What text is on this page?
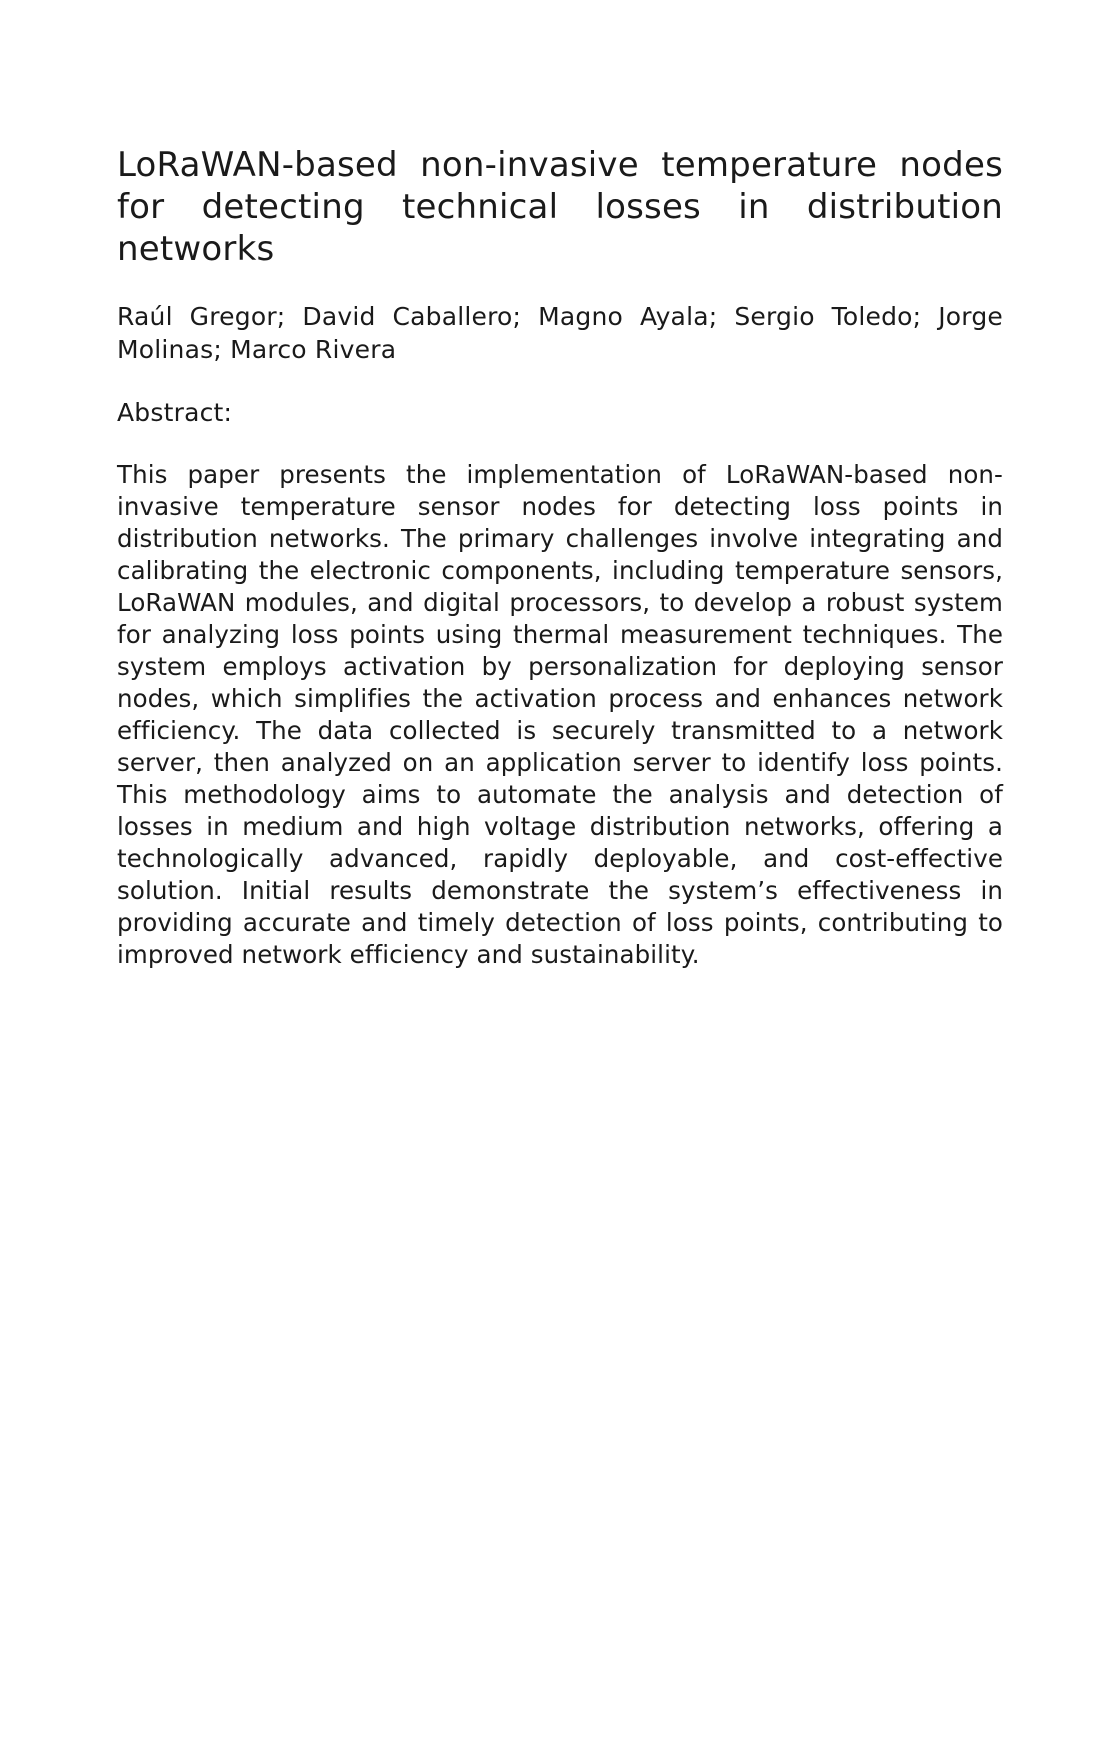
LoRaWAN-based non-invasive temperature nodes for detecting technical losses in distribution networks

Raúl Gregor; David Caballero; Magno Ayala; Sergio Toledo; Jorge Molinas; Marco Rivera

Abstract:

This paper presents the implementation of LoRaWAN-based non-invasive temperature sensor nodes for detecting loss points in distribution networks. The primary challenges involve integrating and calibrating the electronic components, including temperature sensors, LoRaWAN modules, and digital processors, to develop a robust system for analyzing loss points using thermal measurement techniques. The system employs activation by personalization for deploying sensor nodes, which simplifies the activation process and enhances network efficiency. The data collected is securely transmitted to a network server, then analyzed on an application server to identify loss points. This methodology aims to automate the analysis and detection of losses in medium and high voltage distribution networks, offering a technologically advanced, rapidly deployable, and cost-effective solution. Initial results demonstrate the system’s effectiveness in providing accurate and timely detection of loss points, contributing to improved network efficiency and sustainability.
